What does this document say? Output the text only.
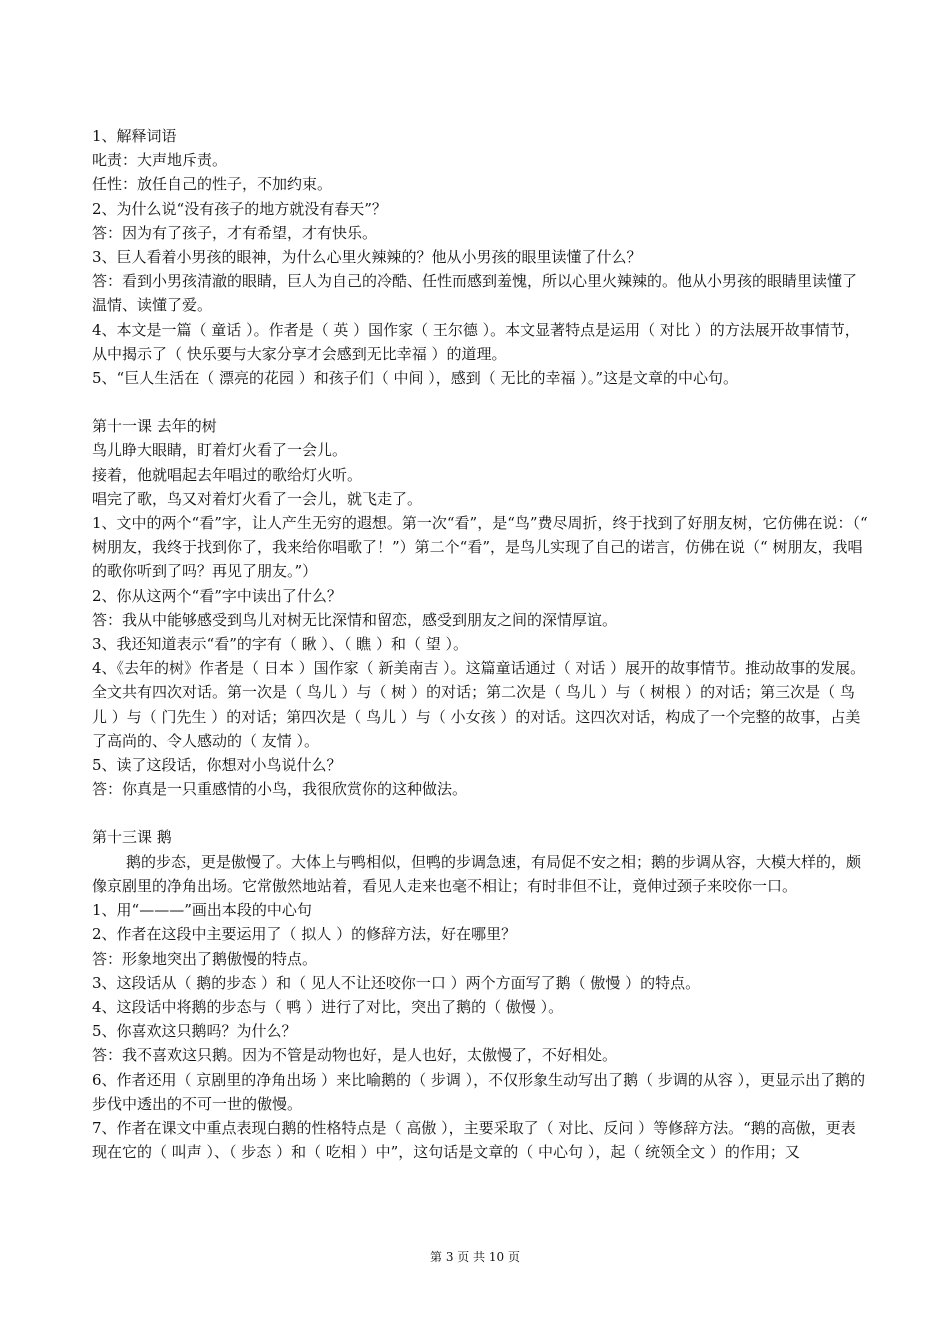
1、解释词语

叱责：大声地斥责。

任性：放任自己的性子，不加约束。

2、为什么说“没有孩子的地方就没有春天”？

答：因为有了孩子，才有希望，才有快乐。

3、巨人看着小男孩的眼神，为什么心里火辣辣的？他从小男孩的眼里读懂了什么？

答：看到小男孩清澈的眼睛，巨人为自己的冷酷、任性而感到羞愧，所以心里火辣辣的。他从小男孩的眼睛里读懂了温情、读懂了爱。

4、本文是一篇（ 童话 ）。作者是（ 英 ）国作家（ 王尔德 ）。本文显著特点是运用（ 对比 ）的方法展开故事情节，从中揭示了（ 快乐要与大家分享才会感到无比幸福 ）的道理。

5、“巨人生活在（ 漂亮的花园 ）和孩子们（ 中间 ），感到（ 无比的幸福 ）。”这是文章的中心句。

第十一课 去年的树

鸟儿睁大眼睛，盯着灯火看了一会儿。

接着，他就唱起去年唱过的歌给灯火听。

唱完了歌，鸟又对着灯火看了一会儿，就飞走了。

1、文中的两个“看”字，让人产生无穷的遐想。第一次“看”，是“鸟”费尽周折，终于找到了好朋友树，它仿佛在说：（“ 树朋友，我终于找到你了，我来给你唱歌了！”）第二个“看”，是鸟儿实现了自己的诺言，仿佛在说（“ 树朋友，我唱的歌你听到了吗？再见了朋友。”）

2、你从这两个“看”字中读出了什么？

答：我从中能够感受到鸟儿对树无比深情和留恋，感受到朋友之间的深情厚谊。

3、我还知道表示“看”的字有（ 瞅 ）、（ 瞧 ）和（ 望 ）。

4、《去年的树》作者是（ 日本 ）国作家（ 新美南吉 ）。这篇童话通过（ 对话 ）展开的故事情节。推动故事的发展。全文共有四次对话。第一次是（ 鸟儿 ）与（ 树 ）的对话；第二次是（ 鸟儿 ）与（ 树根 ）的对话；第三次是（ 鸟儿 ）与（ 门先生 ）的对话；第四次是（ 鸟儿 ）与（ 小女孩 ）的对话。这四次对话，构成了一个完整的故事，占美了高尚的、令人感动的（ 友情 ）。

5、读了这段话，你想对小鸟说什么？

答：你真是一只重感情的小鸟，我很欣赏你的这种做法。

第十三课 鹅

鹅的步态，更是傲慢了。大体上与鸭相似，但鸭的步调急速，有局促不安之相；鹅的步调从容，大模大样的，颇像京剧里的净角出场。它常傲然地站着，看见人走来也毫不相让；有时非但不让，竟伸过颈子来咬你一口。

1、用“———”画出本段的中心句

2、作者在这段中主要运用了（ 拟人 ）的修辞方法，好在哪里？

答：形象地突出了鹅傲慢的特点。

3、这段话从（ 鹅的步态 ）和（ 见人不让还咬你一口 ）两个方面写了鹅（ 傲慢 ）的特点。

4、这段话中将鹅的步态与（ 鸭 ）进行了对比，突出了鹅的（ 傲慢 ）。

5、你喜欢这只鹅吗？为什么？

答：我不喜欢这只鹅。因为不管是动物也好，是人也好，太傲慢了，不好相处。

6、作者还用（ 京剧里的净角出场 ）来比喻鹅的（ 步调 ），不仅形象生动写出了鹅（ 步调的从容 ），更显示出了鹅的步伐中透出的不可一世的傲慢。

7、作者在课文中重点表现白鹅的性格特点是（ 高傲 ），主要采取了（ 对比、反问 ）等修辞方法。“鹅的高傲，更表现在它的（ 叫声 ）、（ 步态 ）和（ 吃相 ）中”，这句话是文章的（ 中心句 ），起（ 统领全文 ）的作用；又

第 3 页 共 10 页
